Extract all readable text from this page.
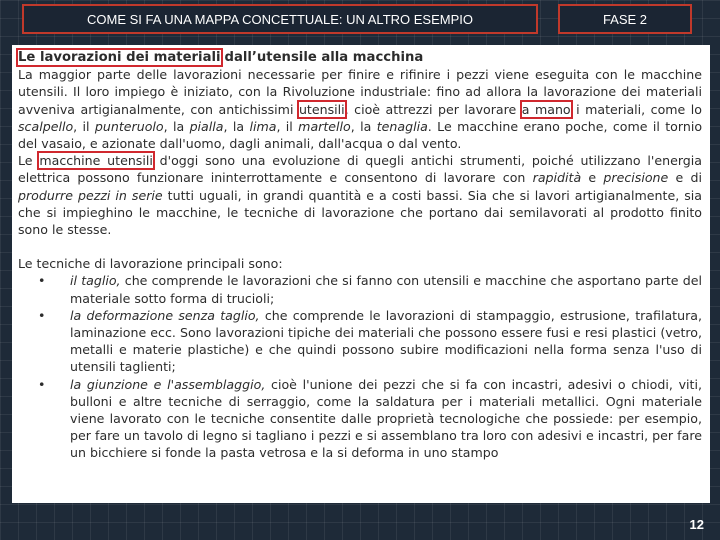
COME SI FA UNA MAPPA CONCETTUALE: UN ALTRO ESEMPIO	FASE 2

Le lavorazioni dei materiali dall’utensile alla macchina

La maggior parte delle lavorazioni necessarie per finire e rifinire i pezzi viene eseguita con le macchine utensili. Il loro impiego è iniziato, con la Rivoluzione industriale: fino ad allora la lavorazione dei materiali avveniva artigianalmente, con antichissimi utensili, cioè attrezzi per lavorare a mano i materiali, come lo scalpello, il punteruolo, la pialla, la lima, il martello, la tenaglia. Le macchine erano poche, come il tornio del vasaio, e azionate dall'uomo, dagli animali, dall'acqua o dal vento.

Le macchine utensili d'oggi sono una evoluzione di quegli antichi strumenti, poiché utilizzano l'energia elettrica possono funzionare ininterrottamente e consentono di lavorare con rapidità e precisione e di produrre pezzi in serie tutti uguali, in grandi quantità e a costi bassi. Sia che si lavori artigianalmente, sia che si impieghino le macchine, le tecniche di lavorazione che portano dai semilavorati al prodotto finito sono le stesse.

Le tecniche di lavorazione principali sono:

• il taglio, che comprende le lavorazioni che si fanno con utensili e macchine che asportano parte del materiale sotto forma di trucioli;
• la deformazione senza taglio, che comprende le lavorazioni di stampaggio, estrusione, trafilatura, laminazione ecc. Sono lavorazioni tipiche dei materiali che possono essere fusi e resi plastici (vetro, metalli e materie plastiche) e che quindi possono subire modificazioni nella forma senza l'uso di utensili taglienti;
• la giunzione e l'assemblaggio, cioè l'unione dei pezzi che si fa con incastri, adesivi o chiodi, viti, bulloni e altre tecniche di serraggio, come la saldatura per i materiali metallici. Ogni materiale viene lavorato con le tecniche consentite dalle proprietà tecnologiche che possiede: per esempio, per fare un tavolo di legno si tagliano i pezzi e si assemblano tra loro con adesivi e incastri, per fare un bicchiere si fonde la pasta vetrosa e la si deforma in uno stampo
12
